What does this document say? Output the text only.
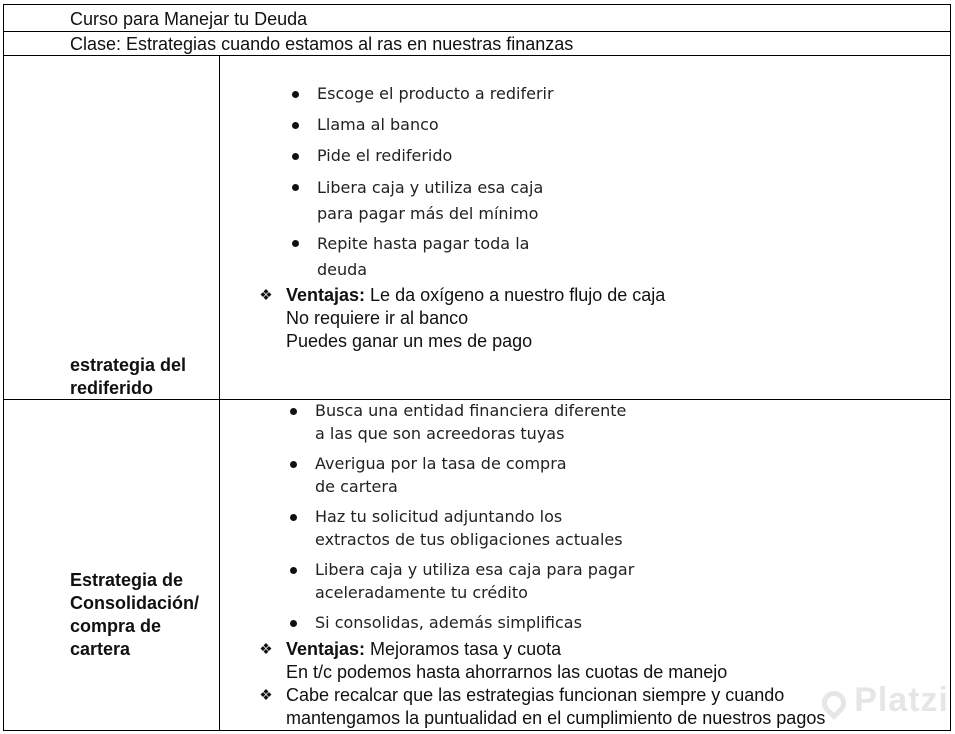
Curso para Manejar tu Deuda
Clase: Estrategias cuando estamos al ras en nuestras finanzas
estrategia del
rediferido
Escoge el producto a rediferir
Llama al banco
Pide el rediferido
Libera caja y utiliza esa caja
para pagar más del mínimo
Repite hasta pagar toda la
deuda
❖ Ventajas: Le da oxígeno a nuestro flujo de caja
No requiere ir al banco
Puedes ganar un mes de pago
Estrategia de
Consolidación/
compra de
cartera
Busca una entidad financiera diferente
a las que son acreedoras tuyas
Averigua por la tasa de compra
de cartera
Haz tu solicitud adjuntando los
extractos de tus obligaciones actuales
Libera caja y utiliza esa caja para pagar
aceleradamente tu crédito
Si consolidas, además simplificas
❖ Ventajas: Mejoramos tasa y cuota
En t/c podemos hasta ahorrarnos las cuotas de manejo
❖ Cabe recalcar que las estrategias funcionan siempre y cuando
mantengamos la puntualidad en el cumplimiento de nuestros pagos Platzi
